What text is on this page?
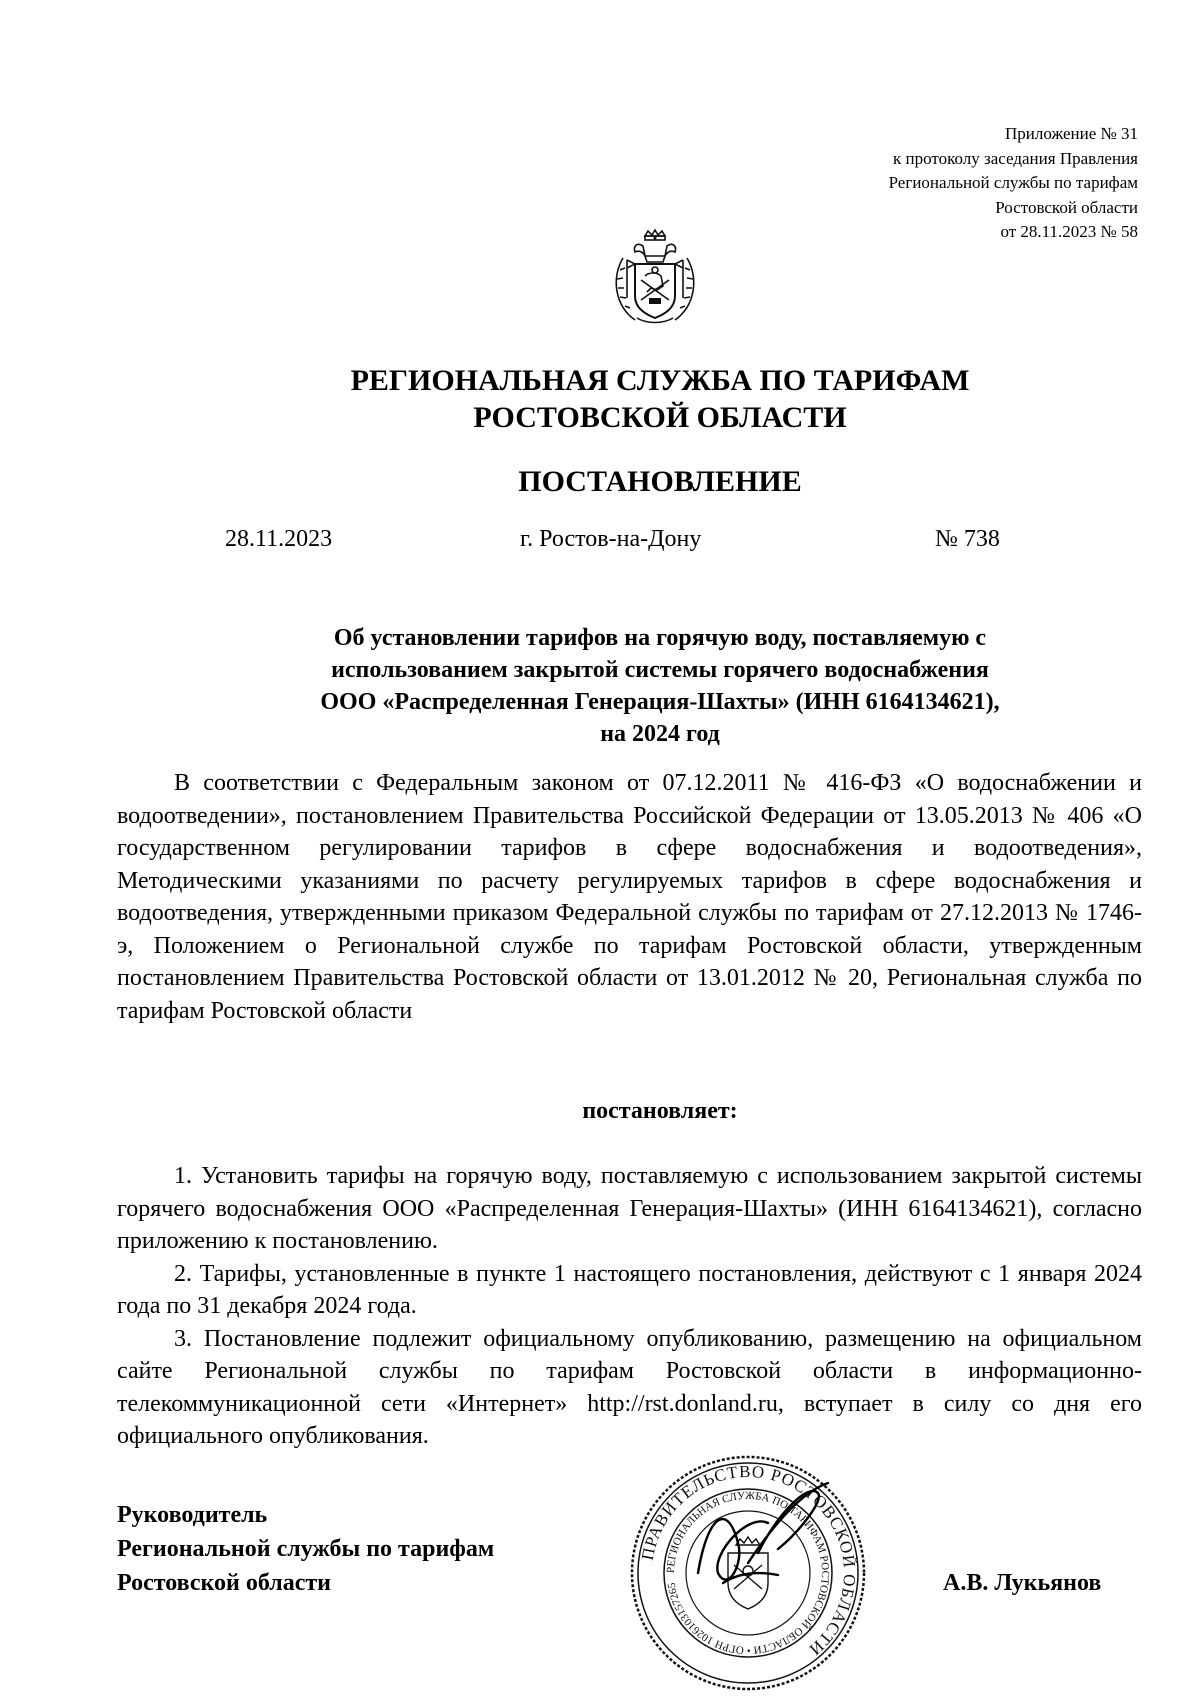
Приложение № 31
к протоколу заседания Правления
Региональной службы по тарифам
Ростовской области
от 28.11.2023 № 58
РЕГИОНАЛЬНАЯ СЛУЖБА ПО ТАРИФАМ
РОСТОВСКОЙ ОБЛАСТИ
ПОСТАНОВЛЕНИЕ
28.11.2023	г. Ростов-на-Дону	№ 738
Об установлении тарифов на горячую воду, поставляемую с
использованием закрытой системы горячего водоснабжения
ООО «Распределенная Генерация-Шахты» (ИНН 6164134621),
на 2024 год

В соответствии с Федеральным законом от 07.12.2011 № 416-ФЗ «О водоснабжении и водоотведении», постановлением Правительства Российской Федерации от 13.05.2013 № 406 «О государственном регулировании тарифов в сфере водоснабжения и водоотведения», Методическими указаниями по расчету регулируемых тарифов в сфере водоснабжения и водоотведения, утвержденными приказом Федеральной службы по тарифам от 27.12.2013 № 1746-э, Положением о Региональной службе по тарифам Ростовской области, утвержденным постановлением Правительства Ростовской области от 13.01.2012 № 20, Региональная служба по тарифам Ростовской области

постановляет:

1. Установить тарифы на горячую воду, поставляемую с использованием закрытой системы горячего водоснабжения ООО «Распределенная Генерация-Шахты» (ИНН 6164134621), согласно приложению к постановлению.

2. Тарифы, установленные в пункте 1 настоящего постановления, действуют с 1 января 2024 года по 31 декабря 2024 года.

3. Постановление подлежит официальному опубликованию, размещению на официальном сайте Региональной службы по тарифам Ростовской области в информационно-телекоммуникационной сети «Интернет» http://rst.donland.ru, вступает в силу со дня его официального опубликования.

Руководитель
Региональной службы по тарифам
Ростовской области
ПРАВИТЕЛЬСТВО РОСТОВСКОЙ ОБЛАСТИ
РЕГИОНАЛЬНАЯ СЛУЖБА ПО ТАРИФАМ РОСТОВСКОЙ ОБЛАСТИ • ОГРН 1026103157265	А.В. Лукьянов
